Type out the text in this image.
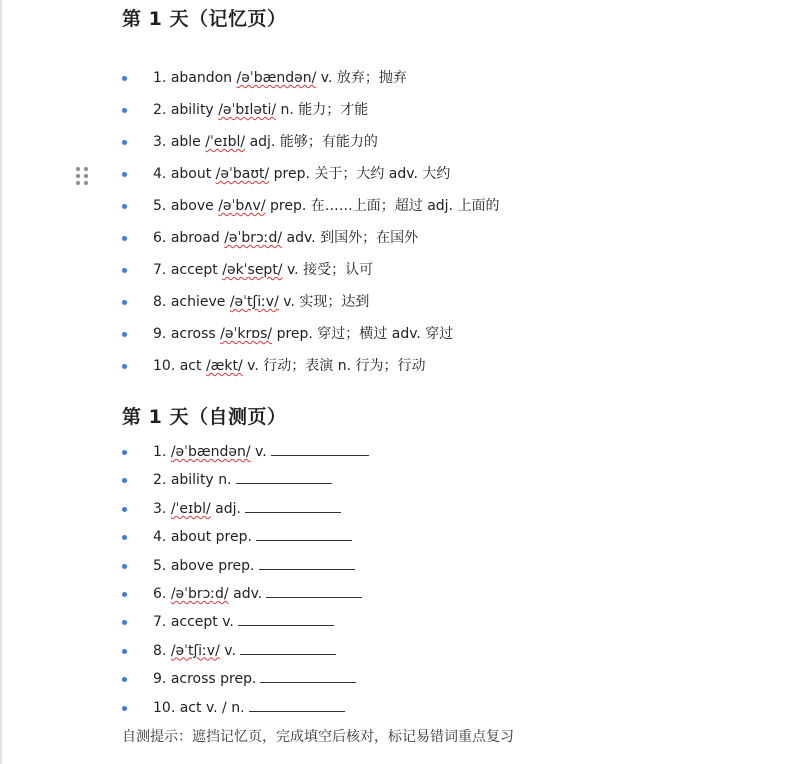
第 1 天（记忆页）
1. abandon /əˈbændən/ v. 放弃；抛弃
2. ability /əˈbɪləti/ n. 能力；才能
3. able /ˈeɪbl/ adj. 能够；有能力的
4. about /əˈbaʊt/ prep. 关于；大约 adv. 大约
5. above /əˈbʌv/ prep. 在……上面；超过 adj. 上面的
6. abroad /əˈbrɔːd/ adv. 到国外；在国外
7. accept /əkˈsept/ v. 接受；认可
8. achieve /əˈtʃiːv/ v. 实现；达到
9. across /əˈkrɒs/ prep. 穿过；横过 adv. 穿过
10. act /ækt/ v. 行动；表演 n. 行为；行动
第 1 天（自测页）
1. /əˈbændən/ v.
2. ability n.
3. /ˈeɪbl/ adj.
4. about prep.
5. above prep.
6. /əˈbrɔːd/ adv.
7. accept v.
8. /əˈtʃiːv/ v.
9. across prep.
10. act v. / n.

自测提示：遮挡记忆页，完成填空后核对，标记易错词重点复习
